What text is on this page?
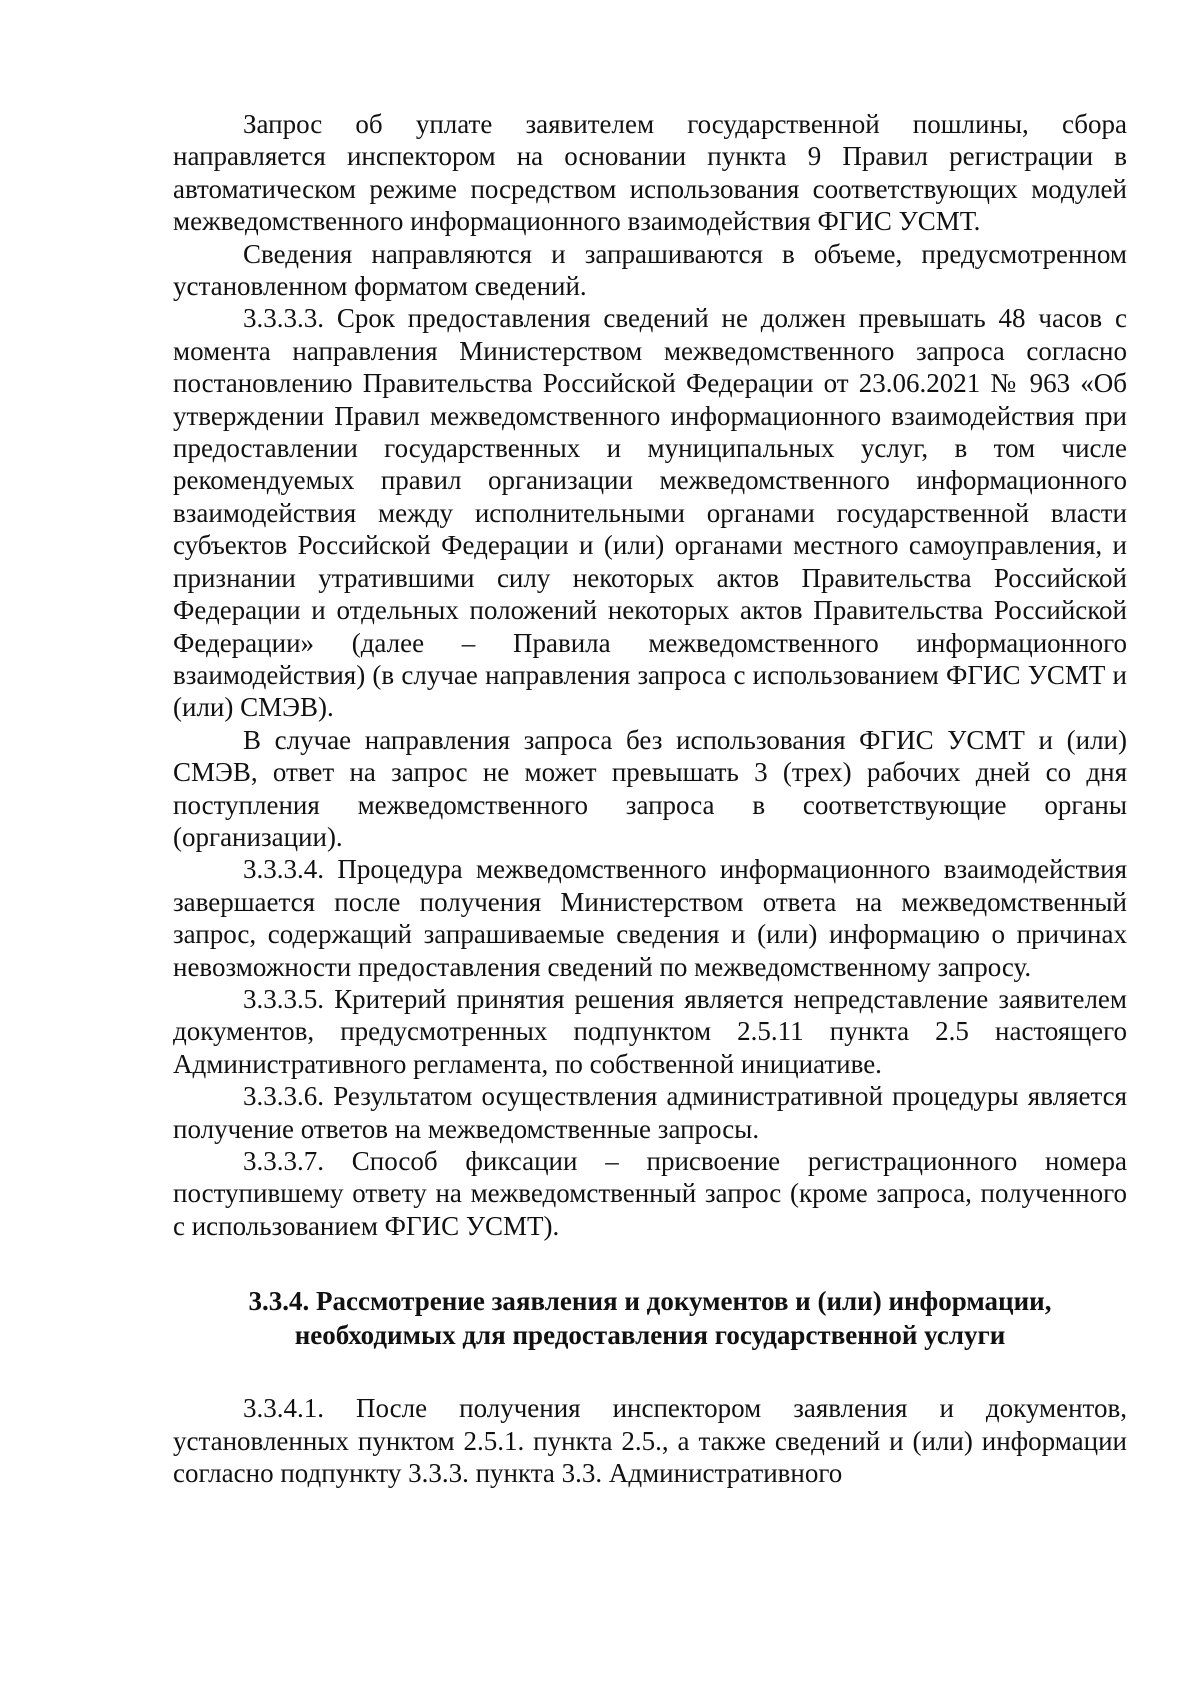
Запрос об уплате заявителем государственной пошлины, сбора направляется инспектором на основании пункта 9 Правил регистрации в автоматическом режиме посредством использования соответствующих модулей межведомственного информационного взаимодействия ФГИС УСМТ.

Сведения направляются и запрашиваются в объеме, предусмотренном установленном форматом сведений.

3.3.3.3. Срок предоставления сведений не должен превышать 48 часов с момента направления Министерством межведомственного запроса согласно постановлению Правительства Российской Федерации от 23.06.2021 № 963 «Об утверждении Правил межведомственного информационного взаимодействия при предоставлении государственных и муниципальных услуг, в том числе рекомендуемых правил организации межведомственного информационного взаимодействия между исполнительными органами государственной власти субъектов Российской Федерации и (или) органами местного самоуправления, и признании утратившими силу некоторых актов Правительства Российской Федерации и отдельных положений некоторых актов Правительства Российской Федерации» (далее – Правила межведомственного информационного взаимодействия) (в случае направления запроса с использованием ФГИС УСМТ и (или) СМЭВ).

В случае направления запроса без использования ФГИС УСМТ и (или) СМЭВ, ответ на запрос не может превышать 3 (трех) рабочих дней со дня поступления межведомственного запроса в соответствующие органы (организации).

3.3.3.4. Процедура межведомственного информационного взаимодействия завершается после получения Министерством ответа на межведомственный запрос, содержащий запрашиваемые сведения и (или) информацию о причинах невозможности предоставления сведений по межведомственному запросу.

3.3.3.5. Критерий принятия решения является непредставление заявителем документов, предусмотренных подпунктом 2.5.11 пункта 2.5 настоящего Административного регламента, по собственной инициативе.

3.3.3.6. Результатом осуществления административной процедуры является получение ответов на межведомственные запросы.

3.3.3.7. Способ фиксации – присвоение регистрационного номера поступившему ответу на межведомственный запрос (кроме запроса, полученного с использованием ФГИС УСМТ).

3.3.4. Рассмотрение заявления и документов и (или) информации,
необходимых для предоставления государственной услуги

3.3.4.1. После получения инспектором заявления и документов, установленных пунктом 2.5.1. пункта 2.5., а также сведений и (или) информации согласно подпункту 3.3.3. пункта 3.3. Административного
